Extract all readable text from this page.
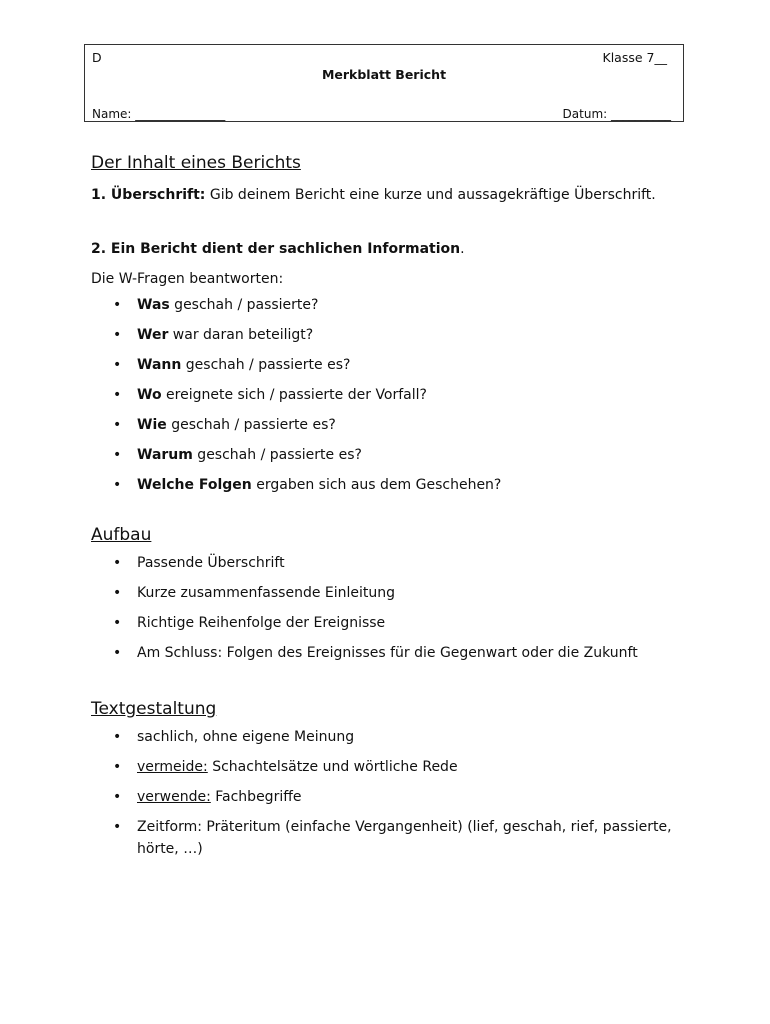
D	Klasse 7__
Merkblatt Bericht
Name: _______________	Datum: __________
Der Inhalt eines Berichts
1. Überschrift: Gib deinem Bericht eine kurze und aussagekräftige Überschrift.
2. Ein Bericht dient der sachlichen Information.
Die W-Fragen beantworten:
• Was geschah / passierte?
• Wer war daran beteiligt?
• Wann geschah / passierte es?
• Wo ereignete sich / passierte der Vorfall?
• Wie geschah / passierte es?
• Warum geschah / passierte es?
• Welche Folgen ergaben sich aus dem Geschehen?
Aufbau
• Passende Überschrift
• Kurze zusammenfassende Einleitung
• Richtige Reihenfolge der Ereignisse
• Am Schluss: Folgen des Ereignisses für die Gegenwart oder die Zukunft
Textgestaltung
• sachlich, ohne eigene Meinung
• vermeide: Schachtelsätze und wörtliche Rede
• verwende: Fachbegriffe
• Zeitform: Präteritum (einfache Vergangenheit) (lief, geschah, rief, passierte, hörte, …)
